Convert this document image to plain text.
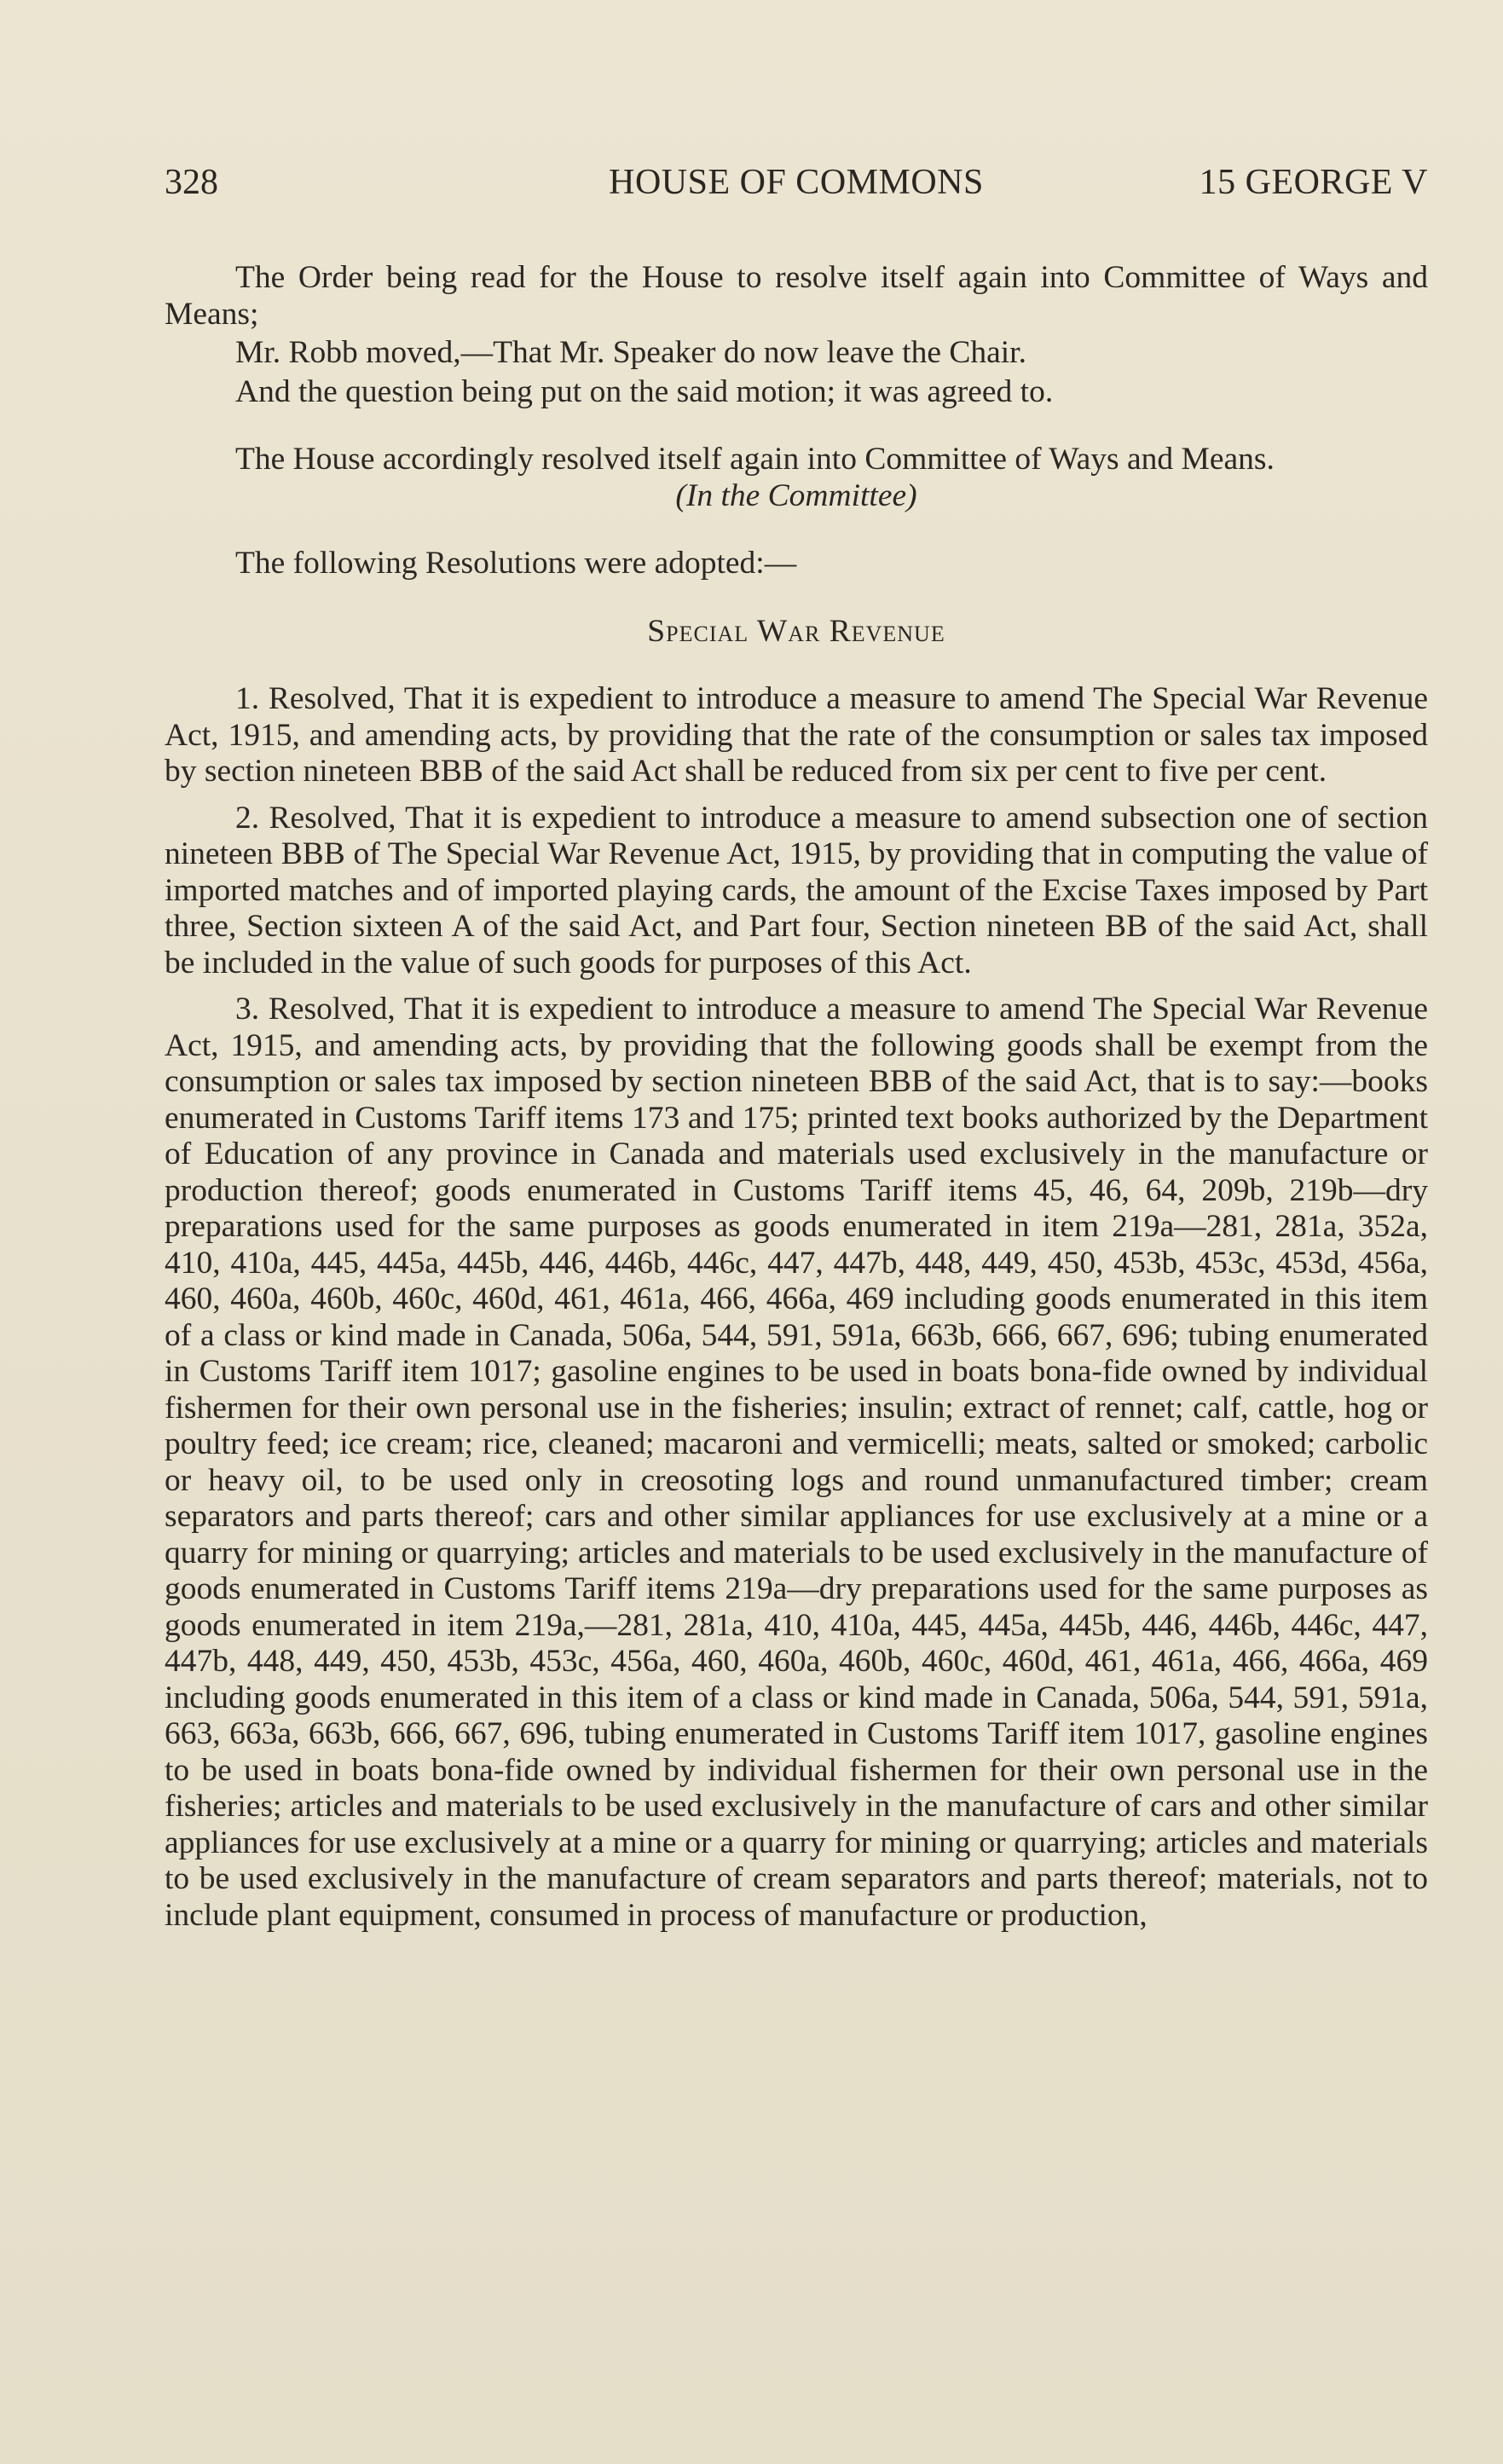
328	HOUSE OF COMMONS	15 GEORGE V

The Order being read for the House to resolve itself again into Committee of Ways and Means;

Mr. Robb moved,—That Mr. Speaker do now leave the Chair.

And the question being put on the said motion; it was agreed to.

The House accordingly resolved itself again into Committee of Ways and Means.

(In the Committee)

The following Resolutions were adopted:—

Special War Revenue

1. Resolved, That it is expedient to introduce a measure to amend The Special War Revenue Act, 1915, and amending acts, by providing that the rate of the consumption or sales tax imposed by section nineteen BBB of the said Act shall be reduced from six per cent to five per cent.

2. Resolved, That it is expedient to introduce a measure to amend subsection one of section nineteen BBB of The Special War Revenue Act, 1915, by providing that in computing the value of imported matches and of imported playing cards, the amount of the Excise Taxes imposed by Part three, Section sixteen A of the said Act, and Part four, Section nineteen BB of the said Act, shall be included in the value of such goods for purposes of this Act.

3. Resolved, That it is expedient to introduce a measure to amend The Special War Revenue Act, 1915, and amending acts, by providing that the following goods shall be exempt from the consumption or sales tax imposed by section nineteen BBB of the said Act, that is to say:—books enumerated in Customs Tariff items 173 and 175; printed text books authorized by the Department of Education of any province in Canada and materials used exclusively in the manufacture or production thereof; goods enumerated in Customs Tariff items 45, 46, 64, 209b, 219b—dry preparations used for the same purposes as goods enumerated in item 219a—281, 281a, 352a, 410, 410a, 445, 445a, 445b, 446, 446b, 446c, 447, 447b, 448, 449, 450, 453b, 453c, 453d, 456a, 460, 460a, 460b, 460c, 460d, 461, 461a, 466, 466a, 469 including goods enumerated in this item of a class or kind made in Canada, 506a, 544, 591, 591a, 663b, 666, 667, 696; tubing enumerated in Customs Tariff item 1017; gasoline engines to be used in boats bona-fide owned by individual fishermen for their own personal use in the fisheries; insulin; extract of rennet; calf, cattle, hog or poultry feed; ice cream; rice, cleaned; macaroni and vermicelli; meats, salted or smoked; carbolic or heavy oil, to be used only in creosoting logs and round unmanufactured timber; cream separators and parts thereof; cars and other similar appliances for use exclusively at a mine or a quarry for mining or quarrying; articles and materials to be used exclusively in the manufacture of goods enumerated in Customs Tariff items 219a—dry preparations used for the same purposes as goods enumerated in item 219a,—281, 281a, 410, 410a, 445, 445a, 445b, 446, 446b, 446c, 447, 447b, 448, 449, 450, 453b, 453c, 456a, 460, 460a, 460b, 460c, 460d, 461, 461a, 466, 466a, 469 including goods enumerated in this item of a class or kind made in Canada, 506a, 544, 591, 591a, 663, 663a, 663b, 666, 667, 696, tubing enumerated in Customs Tariff item 1017, gasoline engines to be used in boats bona-fide owned by individual fishermen for their own personal use in the fisheries; articles and materials to be used exclusively in the manufacture of cars and other similar appliances for use exclusively at a mine or a quarry for mining or quarrying; articles and materials to be used exclusively in the manufacture of cream separators and parts thereof; materials, not to include plant equipment, consumed in process of manufacture or production,
